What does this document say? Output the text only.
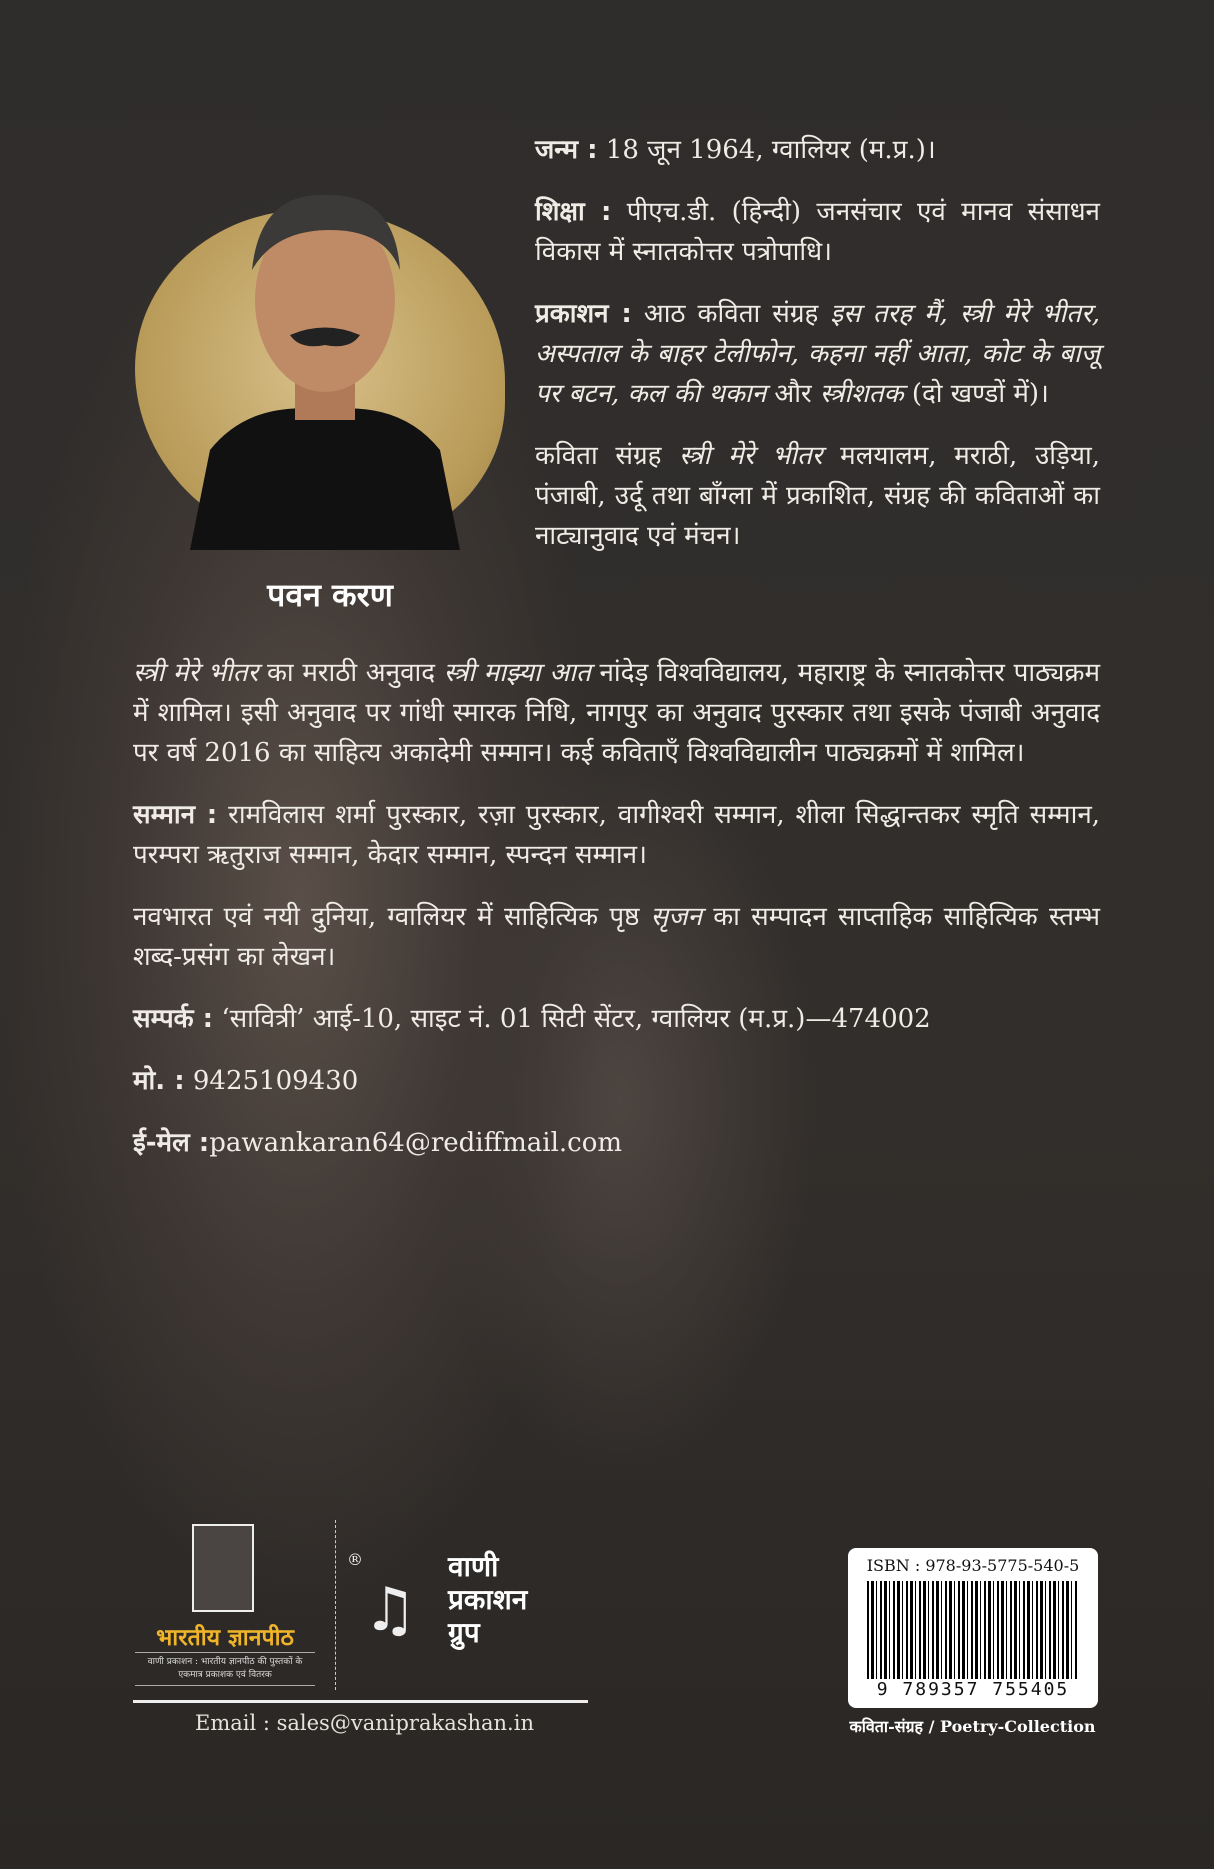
पवन करण

जन्म : 18 जून 1964, ग्वालियर (म.प्र.)।

शिक्षा : पीएच.डी. (हिन्दी) जनसंचार एवं मानव संसाधन विकास में स्नातकोत्तर पत्रोपाधि।

प्रकाशन : आठ कविता संग्रह इस तरह मैं, स्त्री मेरे भीतर, अस्पताल के बाहर टेलीफोन, कहना नहीं आता, कोट के बाजू पर बटन, कल की थकान और स्त्रीशतक (दो खण्डों में)।

कविता संग्रह स्त्री मेरे भीतर मलयालम, मराठी, उड़िया, पंजाबी, उर्दू तथा बाँग्ला में प्रकाशित, संग्रह की कविताओं का नाट्यानुवाद एवं मंचन।

स्त्री मेरे भीतर का मराठी अनुवाद स्त्री माझ्या आत नांदेड़ विश्वविद्यालय, महाराष्ट्र के स्नातकोत्तर पाठ्यक्रम में शामिल। इसी अनुवाद पर गांधी स्मारक निधि, नागपुर का अनुवाद पुरस्कार तथा इसके पंजाबी अनुवाद पर वर्ष 2016 का साहित्य अकादेमी सम्मान। कई कविताएँ विश्वविद्यालीन पाठ्यक्रमों में शामिल।

सम्मान : रामविलास शर्मा पुरस्कार, रज़ा पुरस्कार, वागीश्वरी सम्मान, शीला सिद्धान्तकर स्मृति सम्मान, परम्परा ऋतुराज सम्मान, केदार सम्मान, स्पन्दन सम्मान।

नवभारत एवं नयी दुनिया, ग्वालियर में साहित्यिक पृष्ठ सृजन का सम्पादन साप्ताहिक साहित्यिक स्तम्भ शब्द-प्रसंग का लेखन।

सम्पर्क : ‘सावित्री’ आई-10, साइट नं. 01 सिटी सेंटर, ग्वालियर (म.प्र.)—474002

मो. : 9425109430

ई-मेल :pawankaran64@rediffmail.com

भारतीय ज्ञानपीठ
वाणी प्रकाशन : भारतीय ज्ञानपीठ की पुस्तकों के एकमात्र प्रकाशक एवं वितरक
®
♫
वाणी
प्रकाशन
ग्रुप
Email : sales@vaniprakashan.in
ISBN : 978-93-5775-540-5
9 789357 755405
कविता-संग्रह / Poetry-Collection
